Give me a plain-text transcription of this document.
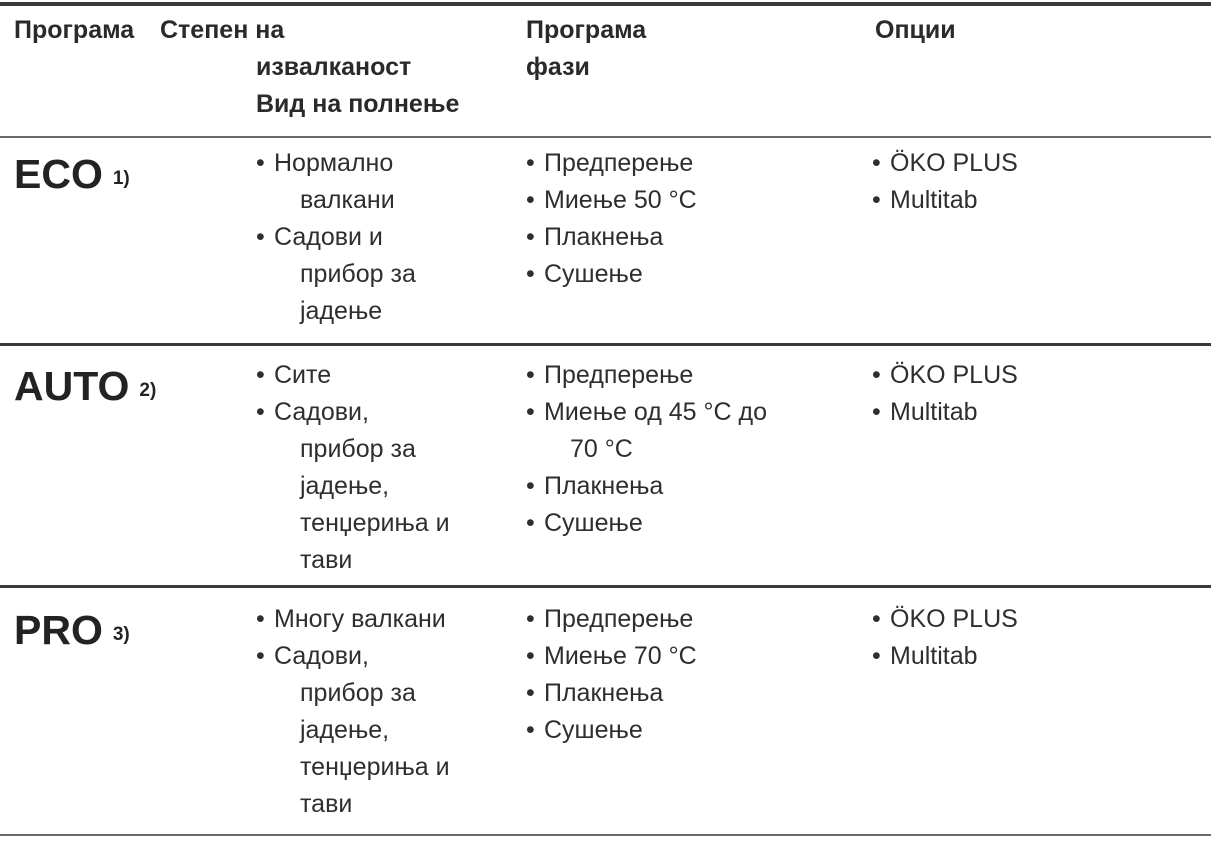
Програма Степен на
извалканост
Вид на полнење
Програма
фази
Опции
ECO 1)
• Нормално
валкани
• Садови и
прибор за
јадење
• Предперење
• Миење 50 °C
• Плакнења
• Сушење
• ÖKO PLUS
• Multitab
AUTO 2)
• Сите
• Садови,
прибор за
јадење,
тенџериња и
тави
• Предперење
• Миење од 45 °C до
70 °C
• Плакнења
• Сушење
• ÖKO PLUS
• Multitab
PRO 3)
• Многу валкани
• Садови,
прибор за
јадење,
тенџериња и
тави
• Предперење
• Миење 70 °C
• Плакнења
• Сушење
• ÖKO PLUS
• Multitab
